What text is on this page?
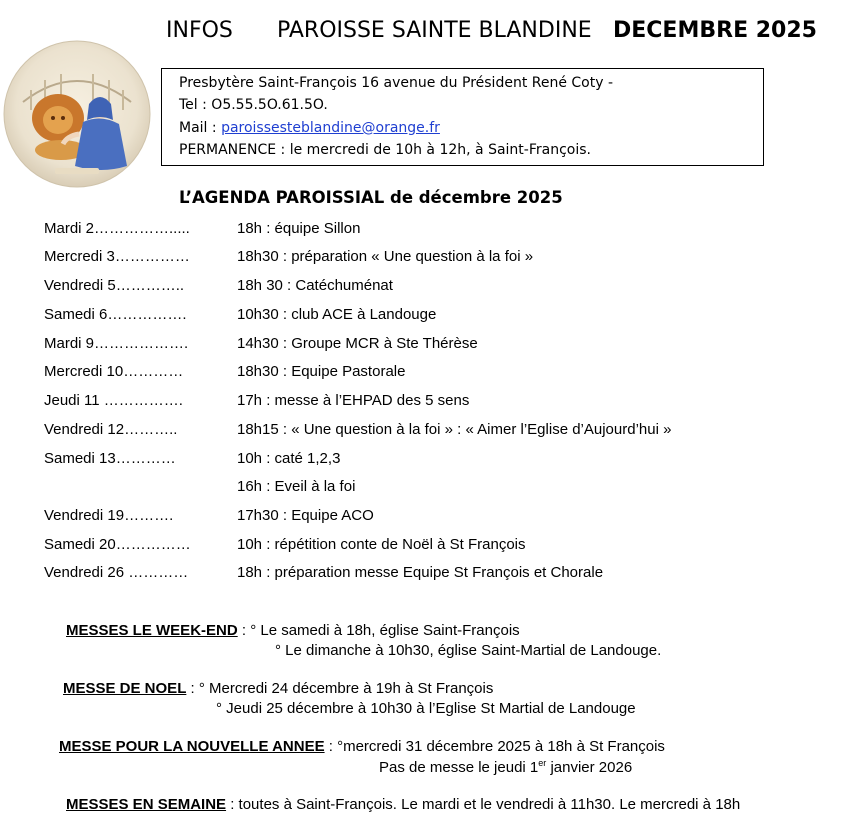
INFOS PAROISSE SAINTE BLANDINE DECEMBRE 2025
Presbytère Saint-François 16 avenue du Président René Coty -
Tel : O5.55.5O.61.5O.
Mail : paroissesteblandine@orange.fr
PERMANENCE : le mercredi de 10h à 12h, à Saint-François.
L’AGENDA PAROISSIAL de décembre 2025
Mardi 2…………….....	18h : équipe Sillon
Mercredi 3……………	18h30 : préparation « Une question à la foi »
Vendredi 5…………..	18h 30 : Catéchuménat
Samedi 6…………….	10h30 : club ACE à Landouge
Mardi 9……………….	14h30 : Groupe MCR à Ste Thérèse
Mercredi 10…………	18h30 : Equipe Pastorale
Jeudi 11 …………….	17h : messe à l’EHPAD des 5 sens
Vendredi 12………..	18h15 : « Une question à la foi » : « Aimer l’Eglise d’Aujourd’hui »
Samedi 13…………	10h : caté 1,2,3
16h : Eveil à la foi
Vendredi 19……….	17h30 : Equipe ACO
Samedi 20……………	10h : répétition conte de Noël à St François
Vendredi 26 …………	18h : préparation messe Equipe St François et Chorale
MESSES LE WEEK-END : ° Le samedi à 18h, église Saint-François
° Le dimanche à 10h30, église Saint-Martial de Landouge.
MESSE DE NOEL : ° Mercredi 24 décembre à 19h à St François
° Jeudi 25 décembre à 10h30 à l’Eglise St Martial de Landouge
MESSE POUR LA NOUVELLE ANNEE : °mercredi 31 décembre 2025 à 18h à St François
Pas de messe le jeudi 1er janvier 2026
MESSES EN SEMAINE : toutes à Saint-François. Le mardi et le vendredi à 11h30. Le mercredi à 18h
